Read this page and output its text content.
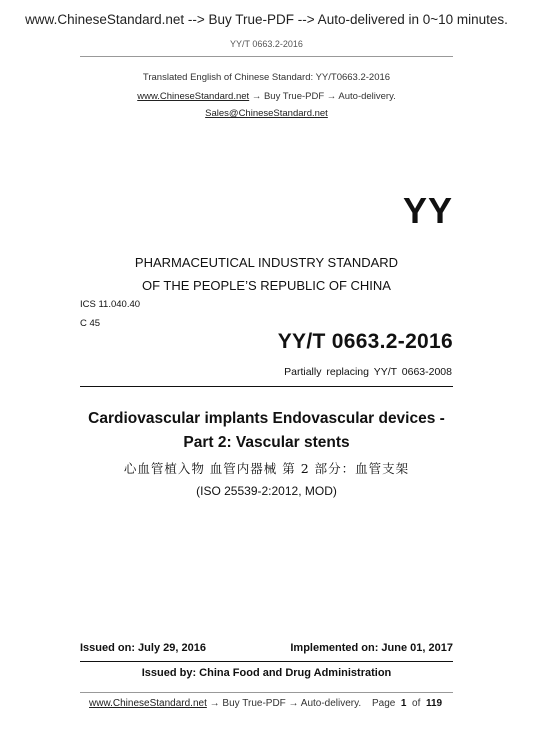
www.ChineseStandard.net --> Buy True-PDF --> Auto-delivered in 0~10 minutes.
YY/T 0663.2-2016
Translated English of Chinese Standard: YY/T0663.2-2016
www.ChineseStandard.net → Buy True-PDF → Auto-delivery.
Sales@ChineseStandard.net
YY
PHARMACEUTICAL INDUSTRY STANDARD
OF THE PEOPLE’S REPUBLIC OF CHINA
ICS 11.040.40
C 45
YY/T 0663.2-2016
Partially replacing YY/T 0663-2008
Cardiovascular implants Endovascular devices -
Part 2: Vascular stents
心血管植入物 血管内器械 第 2 部分：血管支架
(ISO 25539-2:2012, MOD)
Issued on: July 29, 2016	Implemented on: June 01, 2017
Issued by: China Food and Drug Administration
www.ChineseStandard.net → Buy True-PDF → Auto-delivery. Page 1 of 119
